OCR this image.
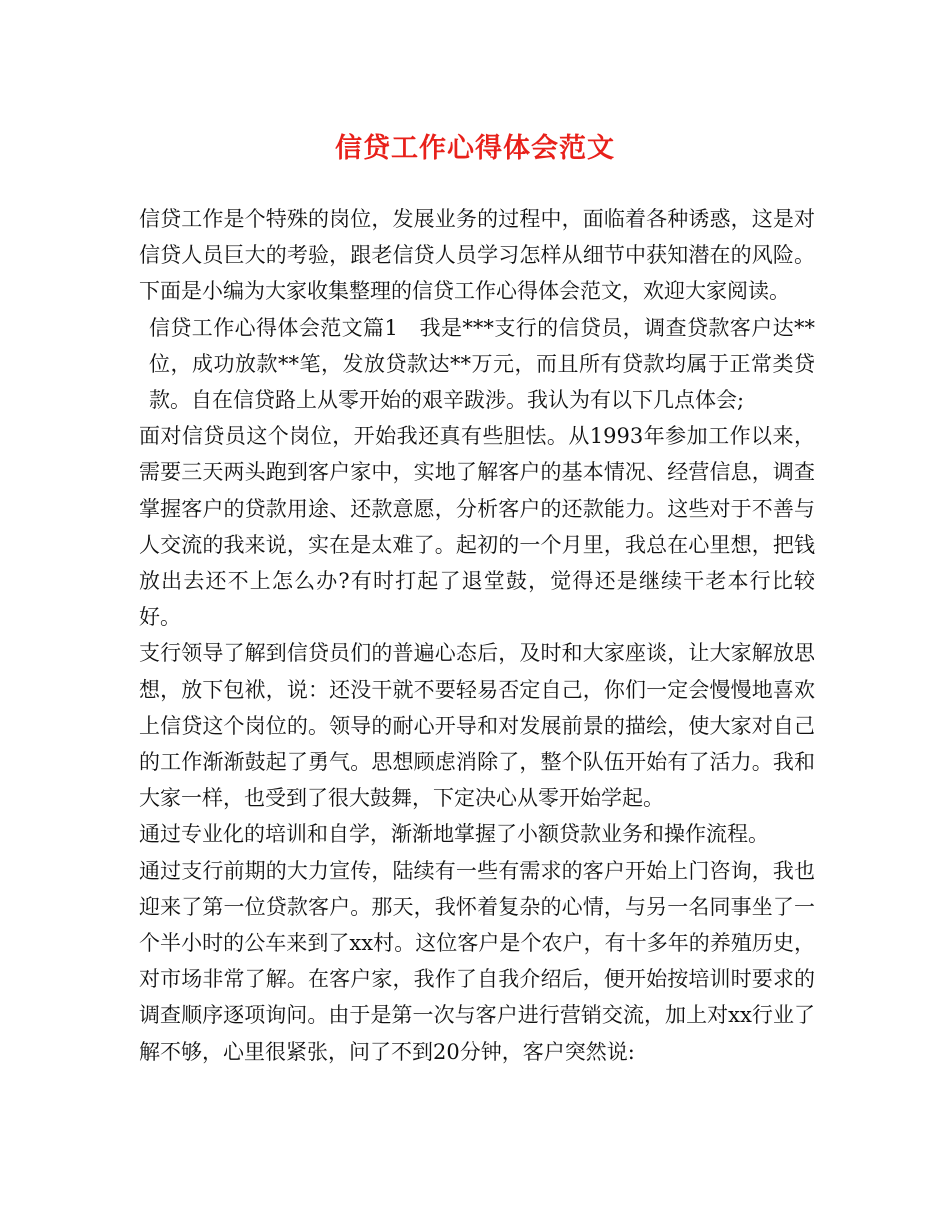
信贷工作心得体会范文

信贷工作是个特殊的岗位，发展业务的过程中，面临着各种诱惑，这是对信贷人员巨大的考验，跟老信贷人员学习怎样从细节中获知潜在的风险。下面是小编为大家收集整理的信贷工作心得体会范文，欢迎大家阅读。

信贷工作心得体会范文篇1　我是***支行的信贷员，调查贷款客户达**位，成功放款**笔，发放贷款达**万元，而且所有贷款均属于正常类贷款。自在信贷路上从零开始的艰辛跋涉。我认为有以下几点体会;

面对信贷员这个岗位，开始我还真有些胆怯。从1993年参加工作以来，需要三天两头跑到客户家中，实地了解客户的基本情况、经营信息，调查掌握客户的贷款用途、还款意愿，分析客户的还款能力。这些对于不善与人交流的我来说，实在是太难了。起初的一个月里，我总在心里想，把钱放出去还不上怎么办?有时打起了退堂鼓，觉得还是继续干老本行比较好。

支行领导了解到信贷员们的普遍心态后，及时和大家座谈，让大家解放思想，放下包袱，说：还没干就不要轻易否定自己，你们一定会慢慢地喜欢上信贷这个岗位的。领导的耐心开导和对发展前景的描绘，使大家对自己的工作渐渐鼓起了勇气。思想顾虑消除了，整个队伍开始有了活力。我和大家一样，也受到了很大鼓舞，下定决心从零开始学起。

通过专业化的培训和自学，渐渐地掌握了小额贷款业务和操作流程。

通过支行前期的大力宣传，陆续有一些有需求的客户开始上门咨询，我也迎来了第一位贷款客户。那天，我怀着复杂的心情，与另一名同事坐了一个半小时的公车来到了xx村。这位客户是个农户，有十多年的养殖历史，对市场非常了解。在客户家，我作了自我介绍后，便开始按培训时要求的调查顺序逐项询问。由于是第一次与客户进行营销交流，加上对xx行业了解不够，心里很紧张，问了不到20分钟，客户突然说:
